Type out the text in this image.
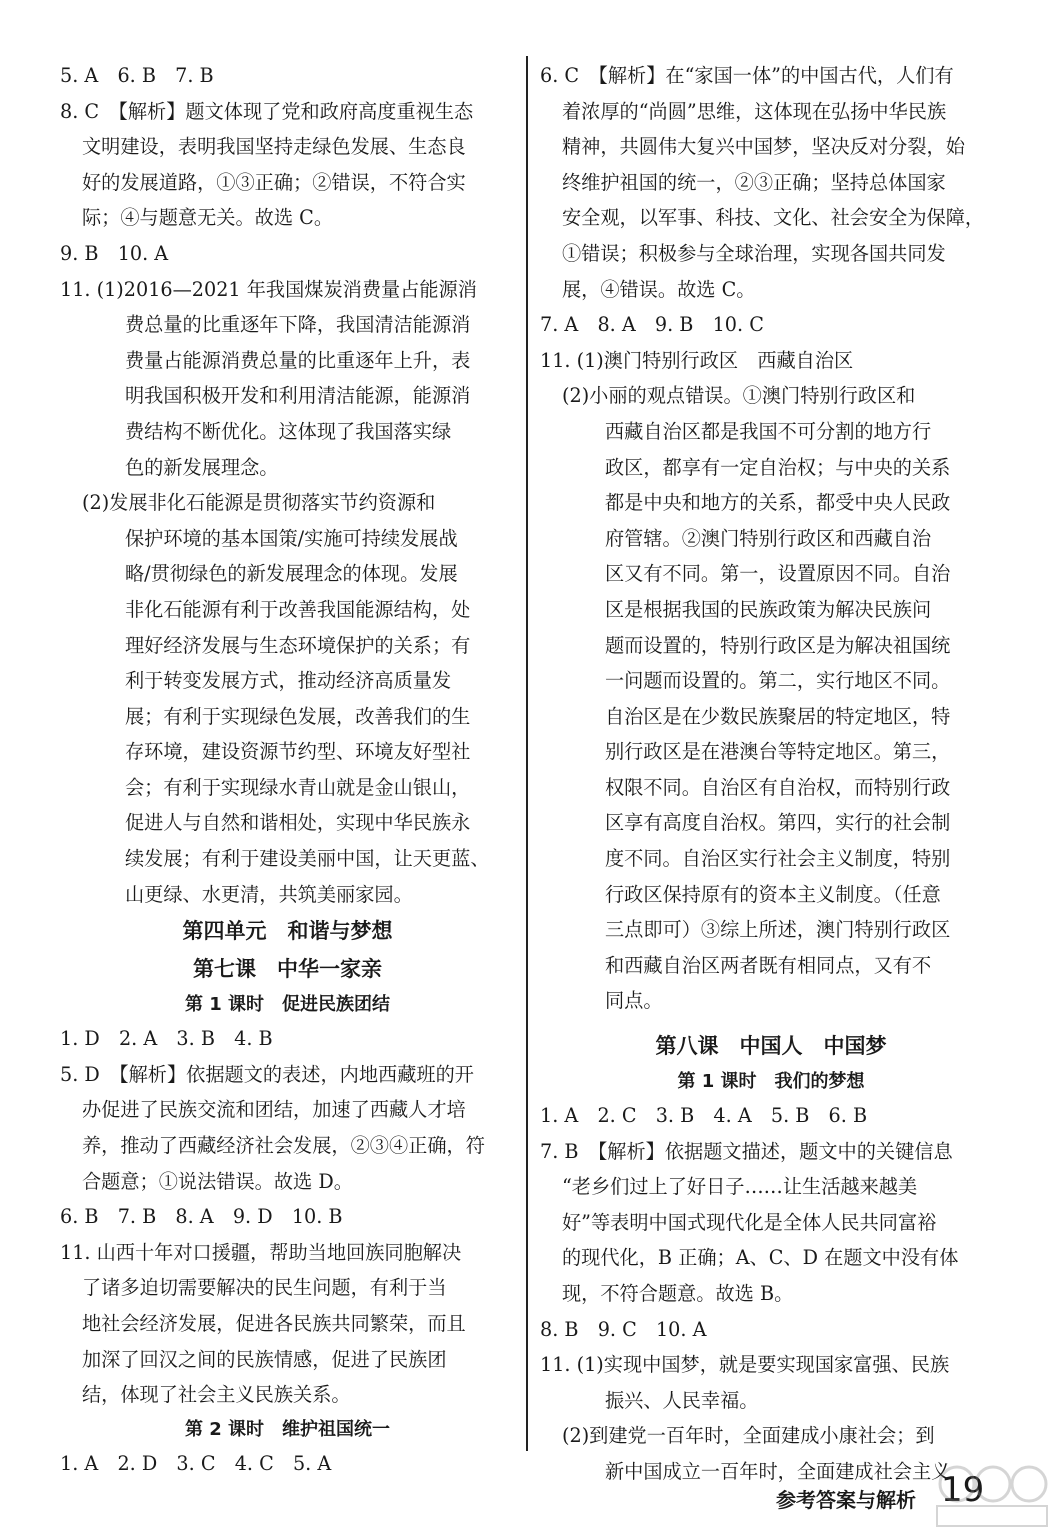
5. A　6. B　7. B
8. C　【解析】题文体现了党和政府高度重视生态
文明建设，表明我国坚持走绿色发展、生态良
好的发展道路，①③正确；②错误，不符合实
际；④与题意无关。故选 C。
9. B　10. A
11. (1)2016—2021 年我国煤炭消费量占能源消
费总量的比重逐年下降，我国清洁能源消
费量占能源消费总量的比重逐年上升，表
明我国积极开发和利用清洁能源，能源消
费结构不断优化。这体现了我国落实绿
色的新发展理念。
(2)发展非化石能源是贯彻落实节约资源和
保护环境的基本国策/实施可持续发展战
略/贯彻绿色的新发展理念的体现。发展
非化石能源有利于改善我国能源结构，处
理好经济发展与生态环境保护的关系；有
利于转变发展方式，推动经济高质量发
展；有利于实现绿色发展，改善我们的生
存环境，建设资源节约型、环境友好型社
会；有利于实现绿水青山就是金山银山，
促进人与自然和谐相处，实现中华民族永
续发展；有利于建设美丽中国，让天更蓝、
山更绿、水更清，共筑美丽家园。
第四单元　和谐与梦想
第七课　中华一家亲
第 1 课时　促进民族团结
1. D　2. A　3. B　4. B
5. D　【解析】依据题文的表述，内地西藏班的开
办促进了民族交流和团结，加速了西藏人才培
养，推动了西藏经济社会发展，②③④正确，符
合题意；①说法错误。故选 D。
6. B　7. B　8. A　9. D　10. B
11. 山西十年对口援疆，帮助当地回族同胞解决
了诸多迫切需要解决的民生问题，有利于当
地社会经济发展，促进各民族共同繁荣，而且
加深了回汉之间的民族情感，促进了民族团
结，体现了社会主义民族关系。
第 2 课时　维护祖国统一
1. A　2. D　3. C　4. C　5. A
6. C　【解析】在“家国一体”的中国古代，人们有
着浓厚的“尚圆”思维，这体现在弘扬中华民族
精神，共圆伟大复兴中国梦，坚决反对分裂，始
终维护祖国的统一，②③正确；坚持总体国家
安全观，以军事、科技、文化、社会安全为保障，
①错误；积极参与全球治理，实现各国共同发
展，④错误。故选 C。
7. A　8. A　9. B　10. C
11. (1)澳门特别行政区　西藏自治区
(2)小丽的观点错误。①澳门特别行政区和
西藏自治区都是我国不可分割的地方行
政区，都享有一定自治权；与中央的关系
都是中央和地方的关系，都受中央人民政
府管辖。②澳门特别行政区和西藏自治
区又有不同。第一，设置原因不同。自治
区是根据我国的民族政策为解决民族问
题而设置的，特别行政区是为解决祖国统
一问题而设置的。第二，实行地区不同。
自治区是在少数民族聚居的特定地区，特
别行政区是在港澳台等特定地区。第三，
权限不同。自治区有自治权，而特别行政
区享有高度自治权。第四，实行的社会制
度不同。自治区实行社会主义制度，特别
行政区保持原有的资本主义制度。（任意
三点即可）③综上所述，澳门特别行政区
和西藏自治区两者既有相同点，又有不
同点。
第八课　中国人　中国梦
第 1 课时　我们的梦想
1. A　2. C　3. B　4. A　5. B　6. B
7. B　【解析】依据题文描述，题文中的关键信息
“老乡们过上了好日子……让生活越来越美
好”等表明中国式现代化是全体人民共同富裕
的现代化，B 正确；A、C、D 在题文中没有体
现，不符合题意。故选 B。
8. B　9. C　10. A
11. (1)实现中国梦，就是要实现国家富强、民族
振兴、人民幸福。
(2)到建党一百年时，全面建成小康社会；到
新中国成立一百年时，全面建成社会主义
参考答案与解析 19
